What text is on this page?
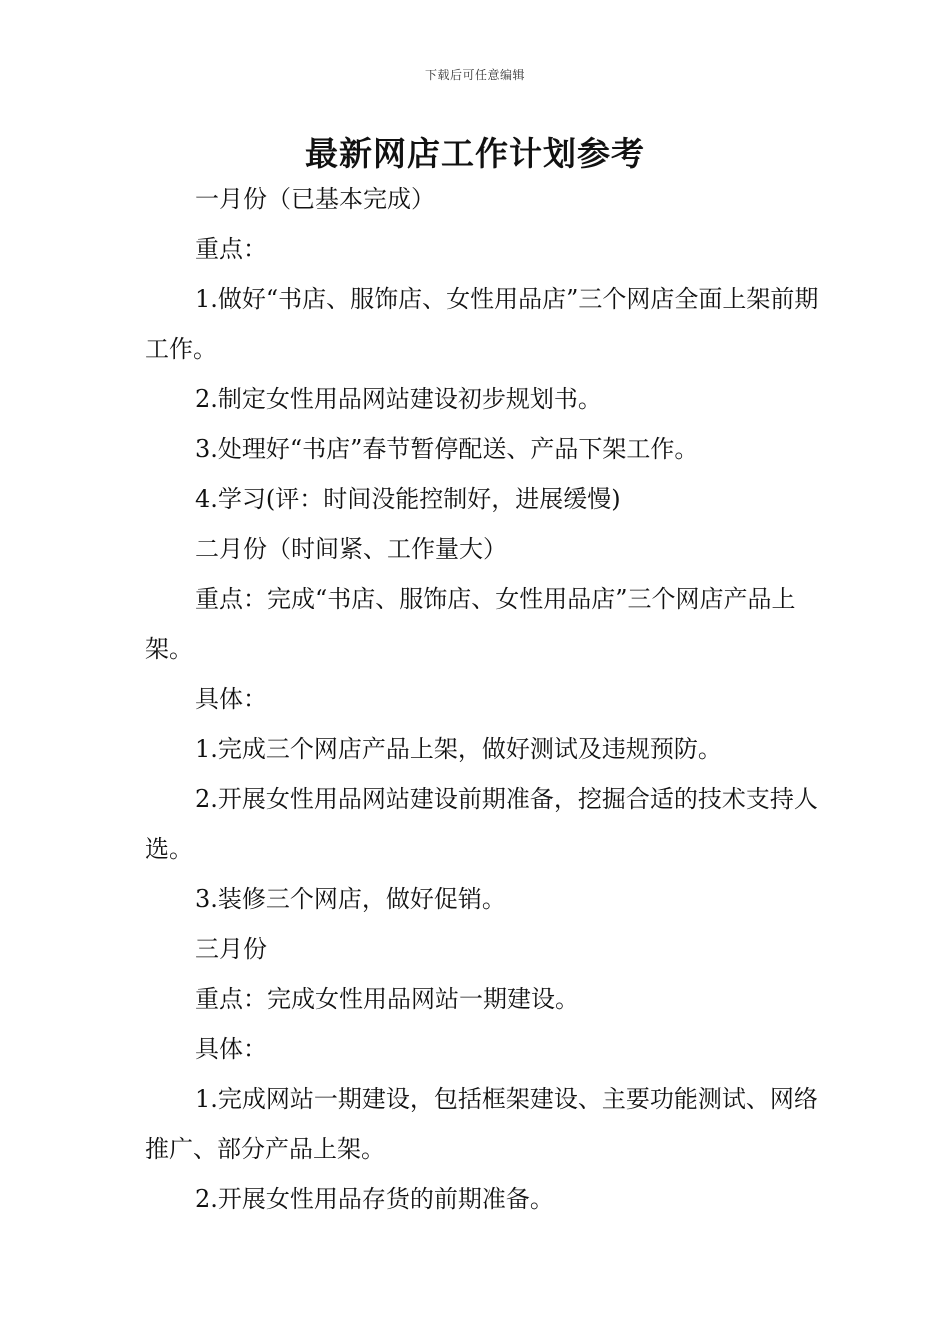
下载后可任意编辑
最新网店工作计划参考

一月份（已基本完成）

重点：

1.做好“书店、服饰店、女性用品店”三个网店全面上架前期工作。

2.制定女性用品网站建设初步规划书。

3.处理好“书店”春节暂停配送、产品下架工作。

4.学习(评：时间没能控制好，进展缓慢)

二月份（时间紧、工作量大）

重点：完成“书店、服饰店、女性用品店”三个网店产品上架。

具体：

1.完成三个网店产品上架，做好测试及违规预防。

2.开展女性用品网站建设前期准备，挖掘合适的技术支持人选。

3.装修三个网店，做好促销。

三月份

重点：完成女性用品网站一期建设。

具体：

1.完成网站一期建设，包括框架建设、主要功能测试、网络推广、部分产品上架。

2.开展女性用品存货的前期准备。
